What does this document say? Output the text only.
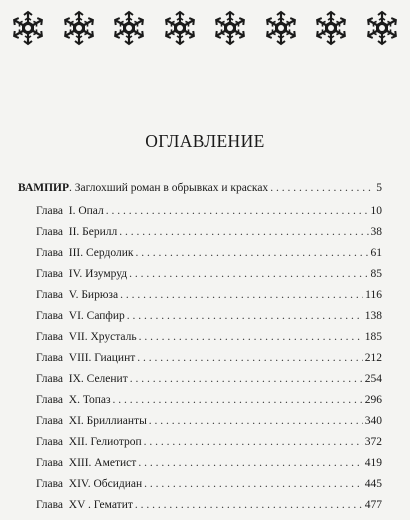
ОГЛАВЛЕНИЕ
ВАМПИР . Заглохший роман в обрывках и красках . . .	5
Глава  I. Опал . . .	10
Глава  II. Берилл . . .	38
Глава  III. Сердолик . . .	61
Глава  IV. Изумруд . . .	85
Глава  V. Бирюза . . .	116
Глава  VI. Сапфир . . .	138
Глава  VII. Хрусталь . . .	185
Глава  VIII. Гиацинт . . .	212
Глава  IX. Селенит . . .	254
Глава  X. Топаз . . .	296
Глава  XI. Бриллианты . . .	340
Глава  XII. Гелиотроп . . .	372
Глава  XIII. Аметист . . .	419
Глава  XIV. Обсидиан . . .	445
Глава  XV . Гематит . . .	477
